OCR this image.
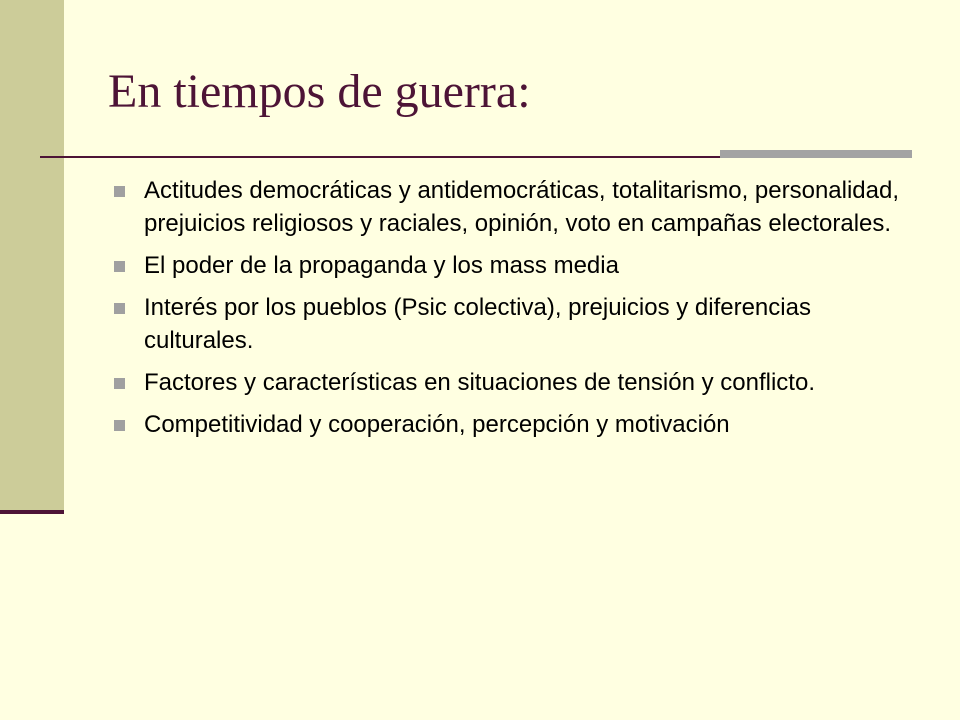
En tiempos de guerra:
Actitudes democráticas y antidemocráticas, totalitarismo, personalidad, prejuicios religiosos y raciales, opinión, voto en campañas electorales.
El poder de la propaganda y los mass media
Interés por los pueblos (Psic colectiva), prejuicios y diferencias culturales.
Factores y características en situaciones de tensión y conflicto.
Competitividad y cooperación, percepción y motivación
